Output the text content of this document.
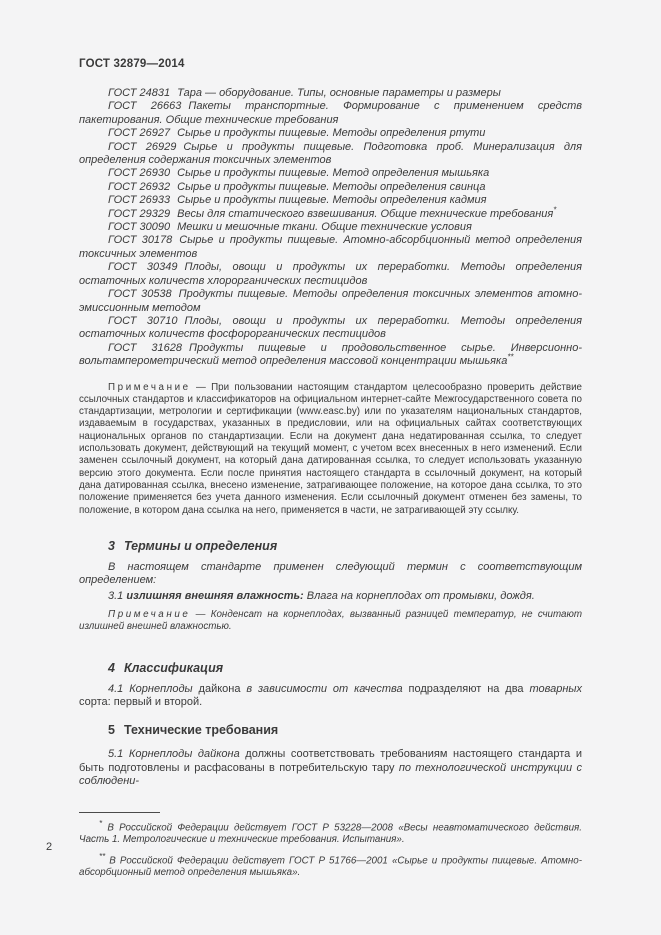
ГОСТ 32879—2014

ГОСТ 24831 Тара — оборудование. Типы, основные параметры и размеры

ГОСТ 26663 Пакеты транспортные. Формирование с применением средств пакетирования. Общие технические требования

ГОСТ 26927 Сырье и продукты пищевые. Методы определения ртути

ГОСТ 26929 Сырье и продукты пищевые. Подготовка проб. Минерализация для определения содержания токсичных элементов

ГОСТ 26930 Сырье и продукты пищевые. Метод определения мышьяка

ГОСТ 26932 Сырье и продукты пищевые. Методы определения свинца

ГОСТ 26933 Сырье и продукты пищевые. Методы определения кадмия

ГОСТ 29329 Весы для статического взвешивания. Общие технические требования*

ГОСТ 30090 Мешки и мешочные ткани. Общие технические условия

ГОСТ 30178 Сырье и продукты пищевые. Атомно-абсорбционный метод определения токсичных элементов

ГОСТ 30349 Плоды, овощи и продукты их переработки. Методы определения остаточных количеств хлорорганических пестицидов

ГОСТ 30538 Продукты пищевые. Методы определения токсичных элементов атомно-эмиссионным методом

ГОСТ 30710 Плоды, овощи и продукты их переработки. Методы определения остаточных количеств фосфорорганических пестицидов

ГОСТ 31628 Продукты пищевые и продовольственное сырье. Инверсионно-вольтамперометрический метод определения массовой концентрации мышьяка**

Примечание — При пользовании настоящим стандартом целесообразно проверить действие ссылочных стандартов и классификаторов на официальном интернет-сайте Межгосударственного совета по стандартизации, метрологии и сертификации (www.easc.by) или по указателям национальных стандартов, издаваемым в государствах, указанных в предисловии, или на официальных сайтах соответствующих национальных органов по стандартизации. Если на документ дана недатированная ссылка, то следует использовать документ, действующий на текущий момент, с учетом всех внесенных в него изменений. Если заменен ссылочный документ, на который дана датированная ссылка, то следует использовать указанную версию этого документа. Если после принятия настоящего стандарта в ссылочный документ, на который дана датированная ссылка, внесено изменение, затрагивающее положение, на которое дана ссылка, то это положение применяется без учета данного изменения. Если ссылочный документ отменен без замены, то положение, в котором дана ссылка на него, применяется в части, не затрагивающей эту ссылку.

3 Термины и определения

В настоящем стандарте применен следующий термин с соответствующим определением:

3.1 излишняя внешняя влажность: Влага на корнеплодах от промывки, дождя.

Примечание — Конденсат на корнеплодах, вызванный разницей температур, не считают излишней внешней влажностью.

4 Классификация

4.1 Корнеплоды дайкона в зависимости от качества подразделяют на два товарных сорта: первый и второй.

5 Технические требования

5.1 Корнеплоды дайкона должны соответствовать требованиям настоящего стандарта и быть подготовлены и расфасованы в потребительскую тару по технологической инструкции с соблюдени-

* В Российской Федерации действует ГОСТ Р 53228—2008 «Весы неавтоматического действия. Часть 1. Метрологические и технические требования. Испытания».

** В Российской Федерации действует ГОСТ Р 51766—2001 «Сырье и продукты пищевые. Атомно-абсорбционный метод определения мышьяка».

2
